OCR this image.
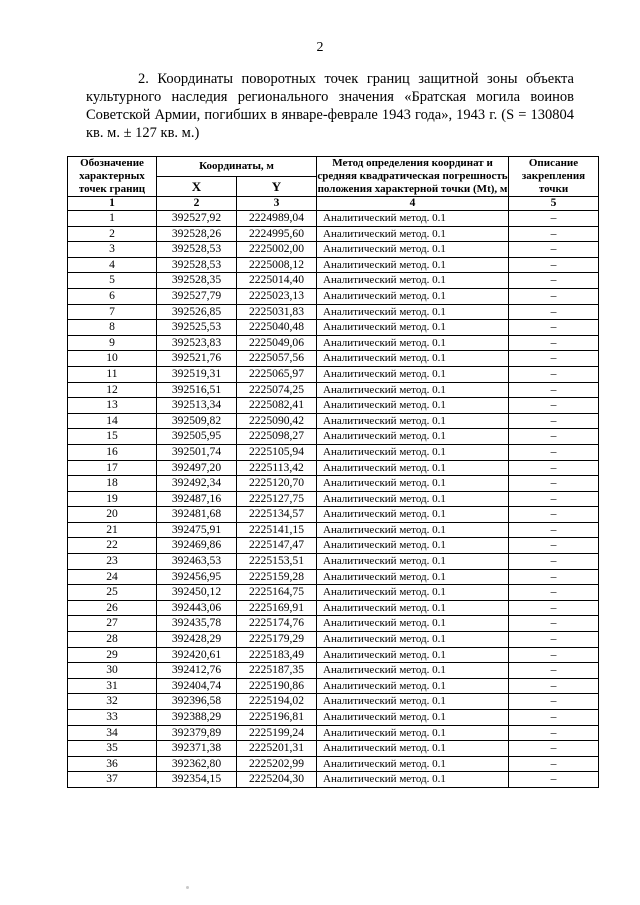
2
2. Координаты поворотных точек границ защитной зоны объекта культурного наследия регионального значения «Братская могила воинов Советской Армии, погибших в январе-феврале 1943 года», 1943 г. (S = 130804 кв. м. ± 127 кв. м.)
Обозначение характерных точек границ	Координаты, м		Метод определения координат и средняя квадратическая погрешность положения характерной точки (Mt), м	Описание закрепления точки
	X	Y		
1	2	3	4	5
1	392527,92	2224989,04	Аналитический метод. 0.1	–
2	392528,26	2224995,60	Аналитический метод. 0.1	–
3	392528,53	2225002,00	Аналитический метод. 0.1	–
4	392528,53	2225008,12	Аналитический метод. 0.1	–
5	392528,35	2225014,40	Аналитический метод. 0.1	–
6	392527,79	2225023,13	Аналитический метод. 0.1	–
7	392526,85	2225031,83	Аналитический метод. 0.1	–
8	392525,53	2225040,48	Аналитический метод. 0.1	–
9	392523,83	2225049,06	Аналитический метод. 0.1	–
10	392521,76	2225057,56	Аналитический метод. 0.1	–
11	392519,31	2225065,97	Аналитический метод. 0.1	–
12	392516,51	2225074,25	Аналитический метод. 0.1	–
13	392513,34	2225082,41	Аналитический метод. 0.1	–
14	392509,82	2225090,42	Аналитический метод. 0.1	–
15	392505,95	2225098,27	Аналитический метод. 0.1	–
16	392501,74	2225105,94	Аналитический метод. 0.1	–
17	392497,20	2225113,42	Аналитический метод. 0.1	–
18	392492,34	2225120,70	Аналитический метод. 0.1	–
19	392487,16	2225127,75	Аналитический метод. 0.1	–
20	392481,68	2225134,57	Аналитический метод. 0.1	–
21	392475,91	2225141,15	Аналитический метод. 0.1	–
22	392469,86	2225147,47	Аналитический метод. 0.1	–
23	392463,53	2225153,51	Аналитический метод. 0.1	–
24	392456,95	2225159,28	Аналитический метод. 0.1	–
25	392450,12	2225164,75	Аналитический метод. 0.1	–
26	392443,06	2225169,91	Аналитический метод. 0.1	–
27	392435,78	2225174,76	Аналитический метод. 0.1	–
28	392428,29	2225179,29	Аналитический метод. 0.1	–
29	392420,61	2225183,49	Аналитический метод. 0.1	–
30	392412,76	2225187,35	Аналитический метод. 0.1	–
31	392404,74	2225190,86	Аналитический метод. 0.1	–
32	392396,58	2225194,02	Аналитический метод. 0.1	–
33	392388,29	2225196,81	Аналитический метод. 0.1	–
34	392379,89	2225199,24	Аналитический метод. 0.1	–
35	392371,38	2225201,31	Аналитический метод. 0.1	–
36	392362,80	2225202,99	Аналитический метод. 0.1	–
37	392354,15	2225204,30	Аналитический метод. 0.1	–
